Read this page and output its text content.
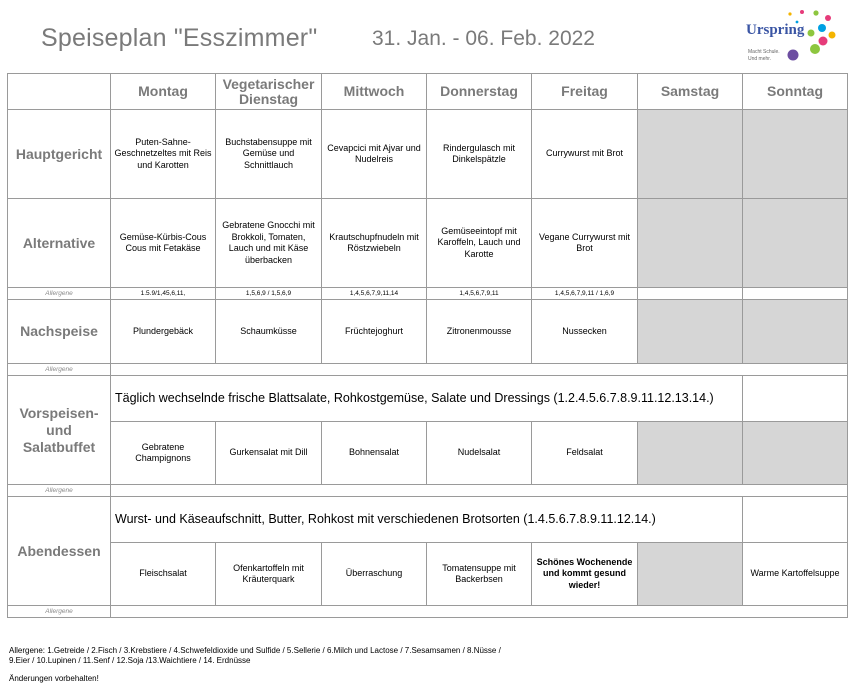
Speiseplan "Esszimmer"	31. Jan. - 06. Feb. 2022	Urspring
Macht Schule.
Und mehr.
	Montag	Vegetarischer Dienstag	Mittwoch	Donnerstag	Freitag	Samstag	Sonntag
Hauptgericht	Puten-Sahne-Geschnetzeltes mit Reis und Karotten	Buchstabensuppe mit Gemüse und Schnittlauch	Cevapcici mit Ajvar und Nudelreis	Rindergulasch mit Dinkelspätzle	Currywurst mit Brot		
Alternative	Gemüse-Kürbis-Cous Cous mit Fetakäse	Gebratene Gnocchi mit Brokkoli, Tomaten, Lauch und mit Käse überbacken	Krautschupfnudeln mit Röstzwiebeln	Gemüseeintopf mit Karoffeln, Lauch und Karotte	Vegane Currywurst mit Brot		
Allergene	1.5.9/1,45,6,11,	1,5,6,9 / 1,5,6,9	1,4,5,6,7,9,11,14	1,4,5,6,7,9,11	1,4,5,6,7,9,11 / 1,6,9		
Nachspeise	Plundergebäck	Schaumküsse	Früchtejoghurt	Zitronenmousse	Nussecken		
Allergene							
Vorspeisen- und Salatbuffet	Täglich wechselnde frische Blattsalate, Rohkostgemüse, Salate und Dressings (1.2.4.5.6.7.8.9.11.12.13.14.)						
	Gebratene Champignons	Gurkensalat mit Dill	Bohnensalat	Nudelsalat	Feldsalat		
Allergene							
Abendessen	Wurst- und Käseaufschnitt, Butter, Rohkost mit verschiedenen Brotsorten (1.4.5.6.7.8.9.11.12.14.)						
	Fleischsalat	Ofenkartoffeln mit Kräuterquark	Überraschung	Tomatensuppe mit Backerbsen	Schönes Wochenende und kommt gesund wieder!		Warme Kartoffelsuppe
Allergene							
Allergene: 1.Getreide / 2.Fisch / 3.Krebstiere / 4.Schwefeldioxide und Sulfide / 5.Sellerie / 6.Milch und Lactose / 7.Sesamsamen / 8.Nüsse /
9.Eier / 10.Lupinen / 11.Senf / 12.Soja /13.Waichtiere / 14. Erdnüsse
Änderungen vorbehalten!
